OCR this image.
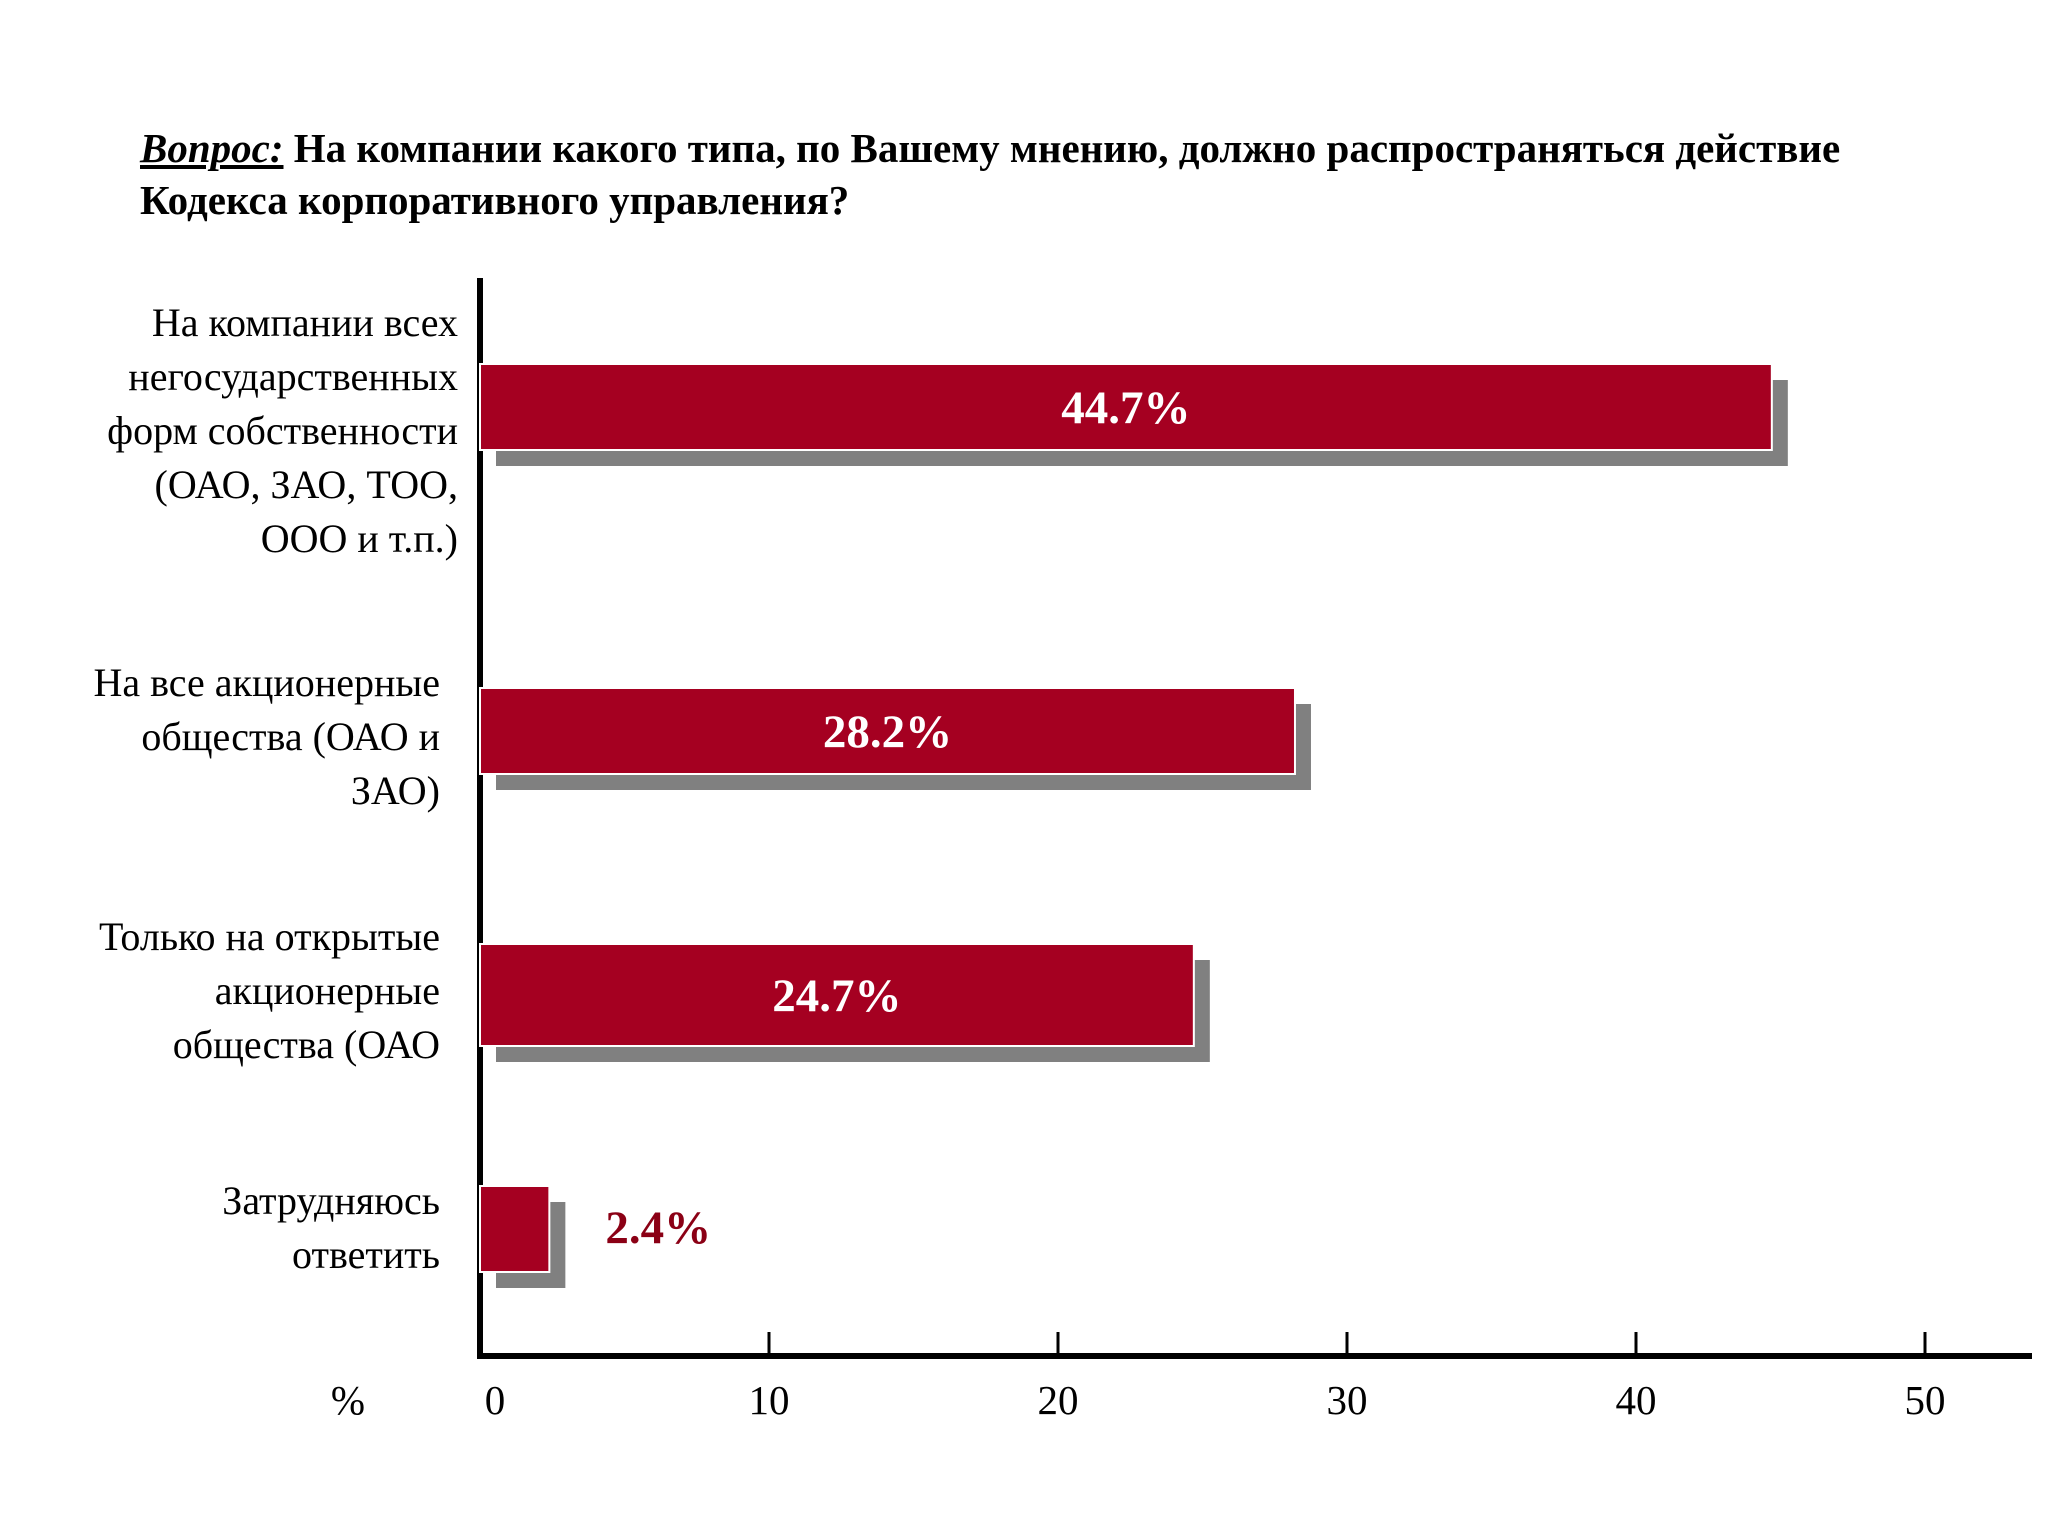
Вопрос: На компании какого типа, по Вашему мнению, должно распространяться действие Кодекса корпоративного управления?
%
44.7%
На компании всех
негосударственных
форм собственности
(ОАО, ЗАО, ТОО,
ООО и т.п.)
28.2%
На все акционерные
общества (ОАО и
ЗАО)
24.7%
Только на открытые
акционерные
общества (ОАО
2.4%
Затрудняюсь
ответить
0	10	20	30	40	50
